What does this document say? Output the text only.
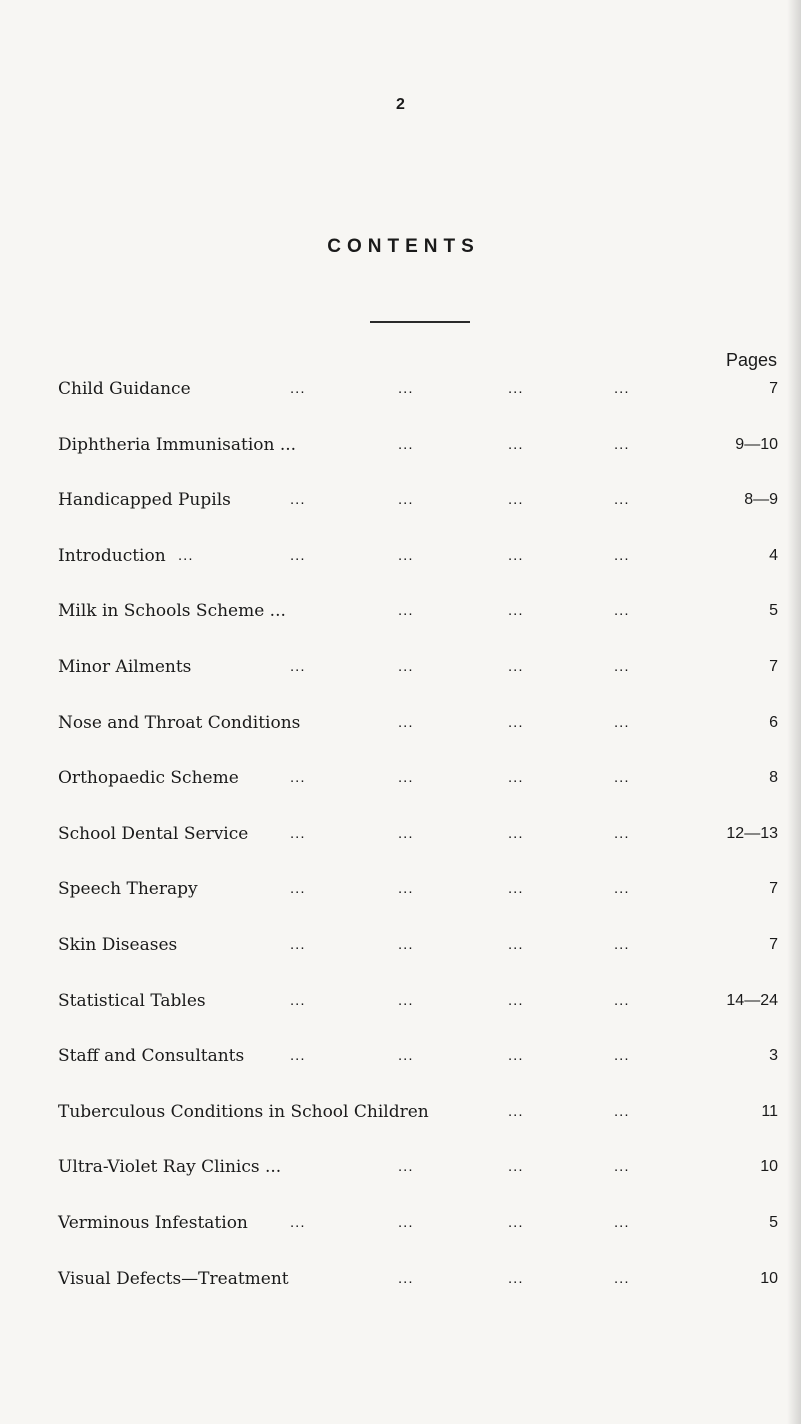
2
CONTENTS
Pages
Child Guidance	...	...	...	...	7
Diphtheria Immunisation ...	...	...	...	9—10
Handicapped Pupils	...	...	...	...	8—9
Introduction ...	...	...	...	...	4
Milk in Schools Scheme ...	...	...	...	5
Minor Ailments	...	...	...	...	7
Nose and Throat Conditions	...	...	...	6
Orthopaedic Scheme	...	...	...	...	8
School Dental Service	...	...	...	...	12—13
Speech Therapy	...	...	...	...	7
Skin Diseases	...	...	...	...	7
Statistical Tables	...	...	...	...	14—24
Staff and Consultants	...	...	...	...	3
Tuberculous Conditions in School Children	...	...	11
Ultra-Violet Ray Clinics ...	...	...	...	10
Verminous Infestation	...	...	...	...	5
Visual Defects—Treatment	...	...	...	10
